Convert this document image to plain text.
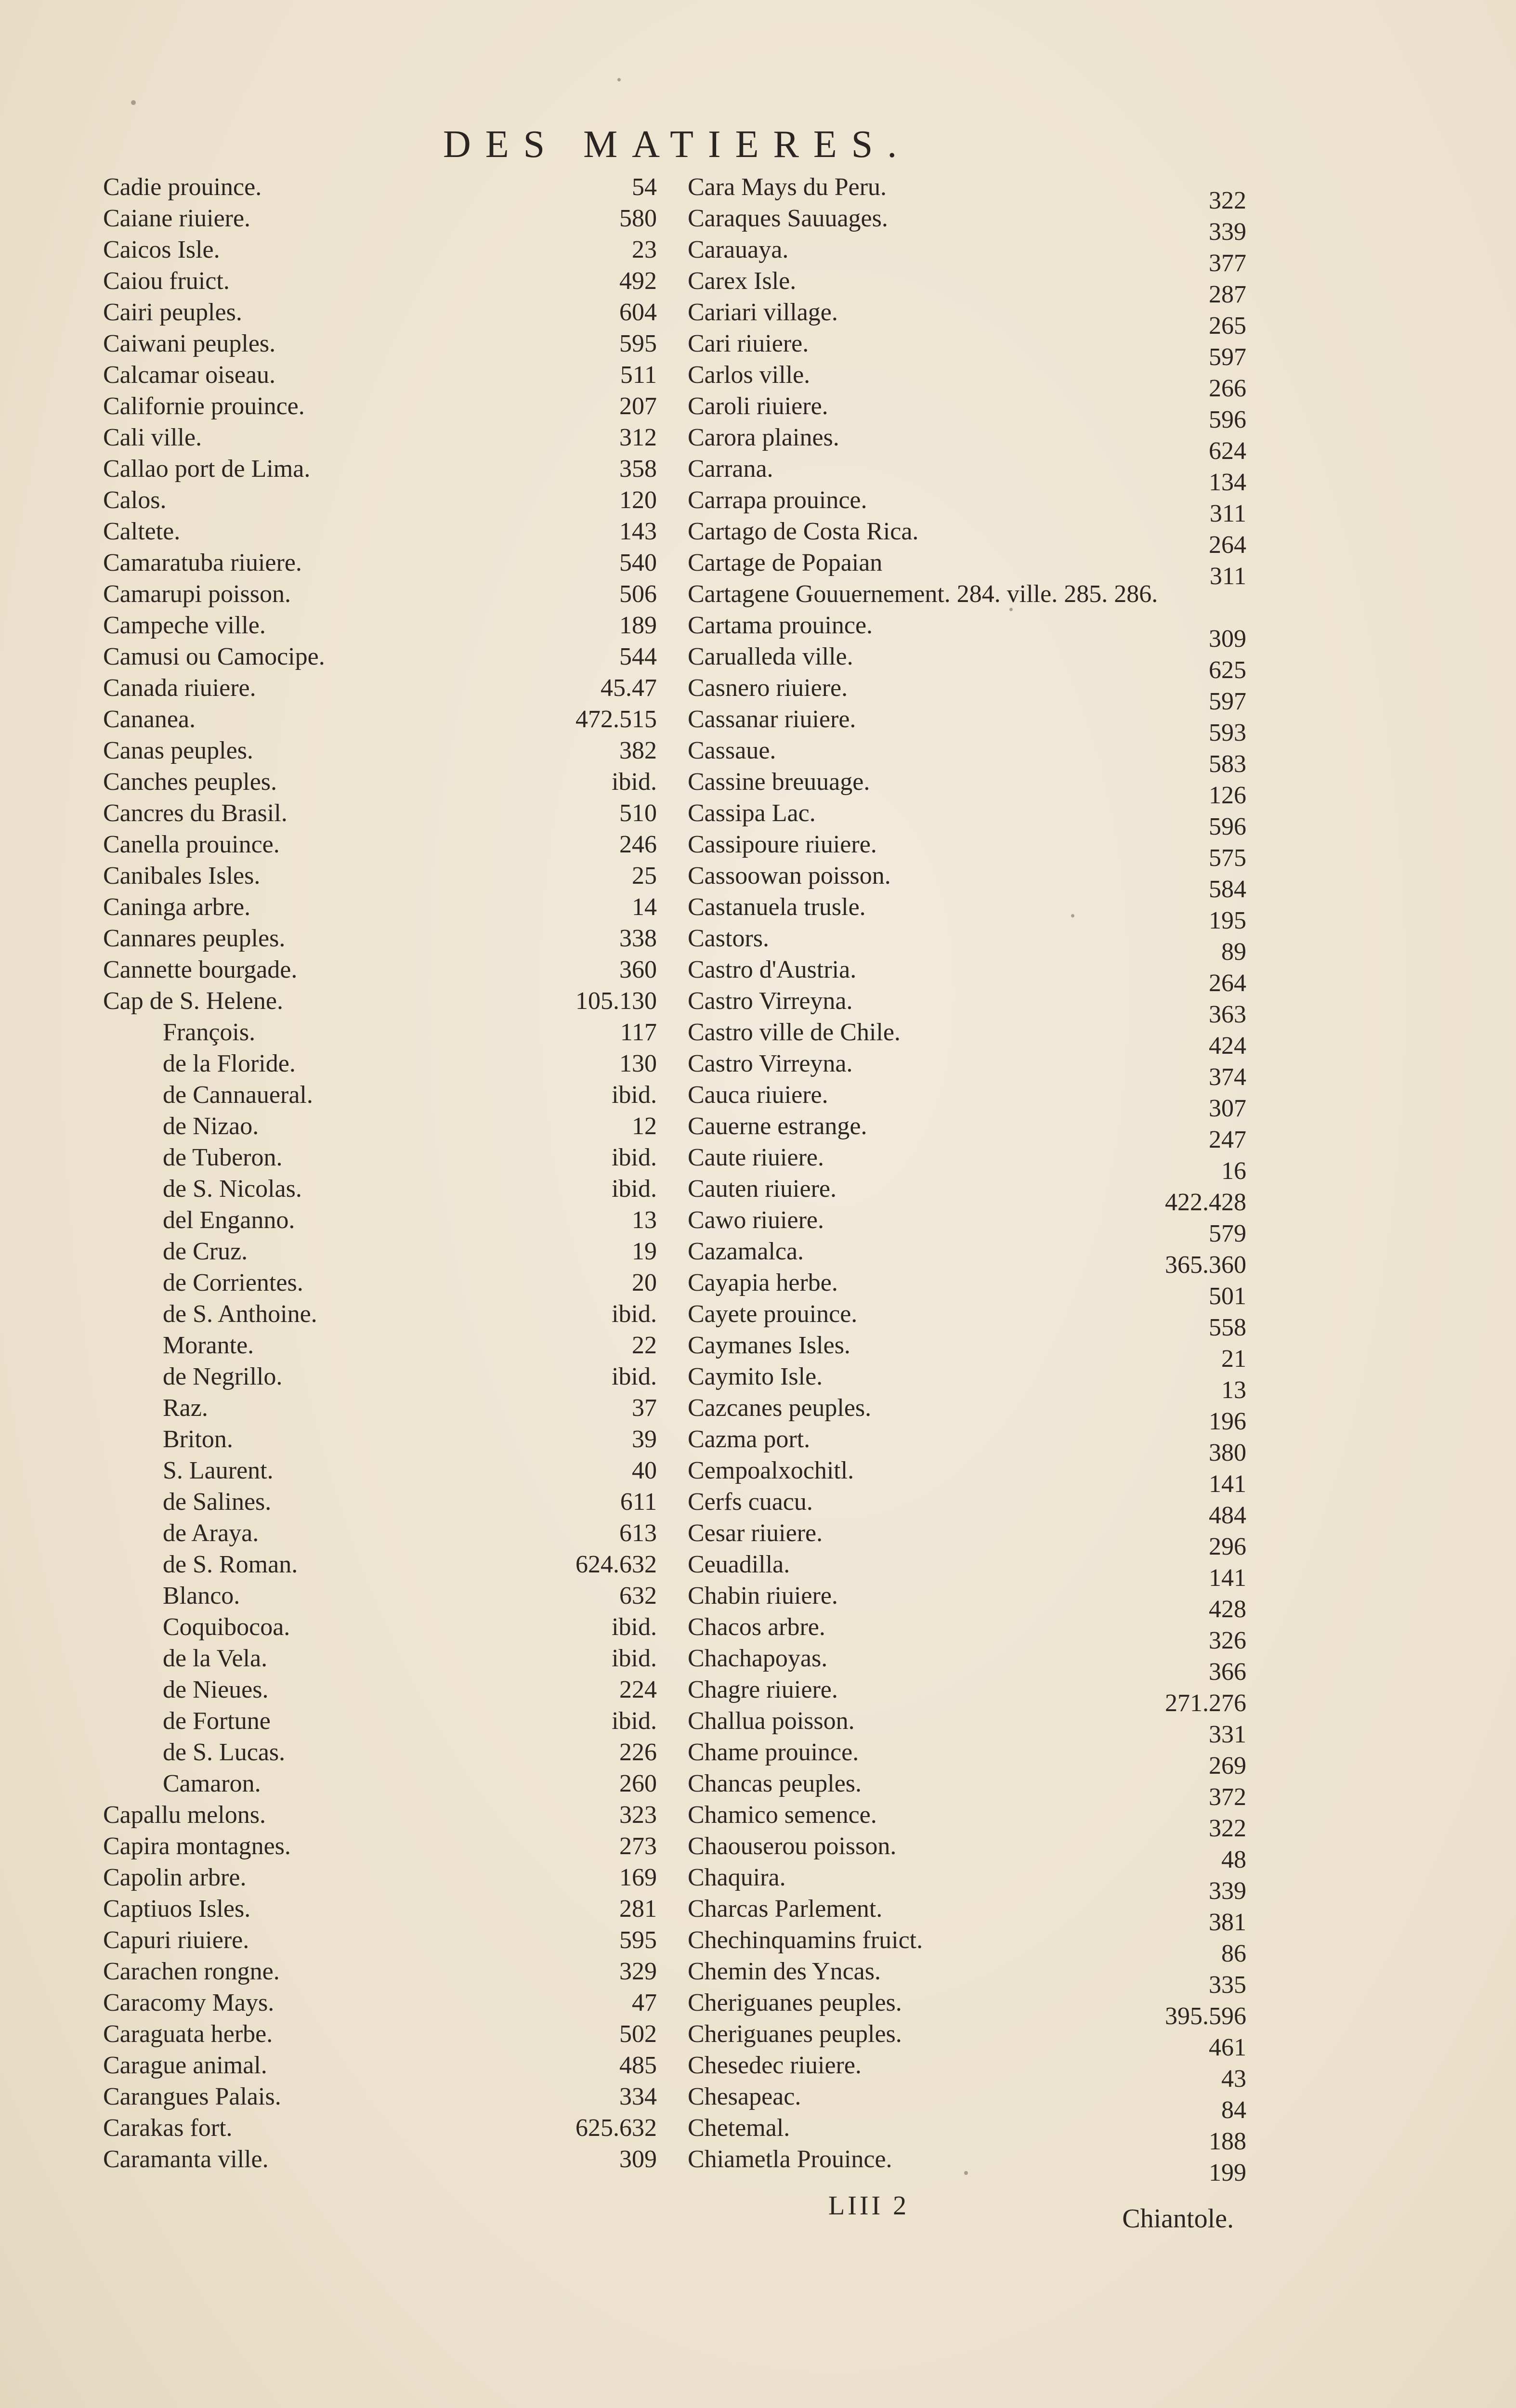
DES MATIERES.
Cadie prouince.	54
Caiane riuiere.	580
Caicos Isle.	23
Caiou fruict.	492
Cairi peuples.	604
Caiwani peuples.	595
Calcamar oiseau.	511
Californie prouince.	207
Cali ville.	312
Callao port de Lima.	358
Calos.	120
Caltete.	143
Camaratuba riuiere.	540
Camarupi poisson.	506
Campeche ville.	189
Camusi ou Camocipe.	544
Canada riuiere.	45.47
Cananea.	472.515
Canas peuples.	382
Canches peuples.	ibid.
Cancres du Brasil.	510
Canella prouince.	246
Canibales Isles.	25
Caninga arbre.	14
Cannares peuples.	338
Cannette bourgade.	360
Cap de S. Helene.	105.130
François.	117
de la Floride.	130
de Cannaueral.	ibid.
de Nizao.	12
de Tuberon.	ibid.
de S. Nicolas.	ibid.
del Enganno.	13
de Cruz.	19
de Corrientes.	20
de S. Anthoine.	ibid.
Morante.	22
de Negrillo.	ibid.
Raz.	37
Briton.	39
S. Laurent.	40
de Salines.	611
de Araya.	613
de S. Roman.	624.632
Blanco.	632
Coquibocoa.	ibid.
de la Vela.	ibid.
de Nieues.	224
de Fortune	ibid.
de S. Lucas.	226
Camaron.	260
Capallu melons.	323
Capira montagnes.	273
Capolin arbre.	169
Captiuos Isles.	281
Capuri riuiere.	595
Carachen rongne.	329
Caracomy Mays.	47
Caraguata herbe.	502
Carague animal.	485
Carangues Palais.	334
Carakas fort.	625.632
Caramanta ville.	309
Cara Mays du Peru.	322
Caraques Sauuages.	339
Carauaya.	377
Carex Isle.	287
Cariari village.	265
Cari riuiere.	597
Carlos ville.	266
Caroli riuiere.	596
Carora plaines.	624
Carrana.	134
Carrapa prouince.	311
Cartago de Costa Rica.	264
Cartage de Popaian	311
Cartagene Gouuernement. 284. ville. 285. 286.
Cartama prouince.	309
Carualleda ville.	625
Casnero riuiere.	597
Cassanar riuiere.	593
Cassaue.	583
Cassine breuuage.	126
Cassipa Lac.	596
Cassipoure riuiere.	575
Cassoowan poisson.	584
Castanuela trusle.	195
Castors.	89
Castro d'Austria.	264
Castro Virreyna.	363
Castro ville de Chile.	424
Castro Virreyna.	374
Cauca riuiere.	307
Cauerne estrange.	247
Caute riuiere.	16
Cauten riuiere.	422.428
Cawo riuiere.	579
Cazamalca.	365.360
Cayapia herbe.	501
Cayete prouince.	558
Caymanes Isles.	21
Caymito Isle.	13
Cazcanes peuples.	196
Cazma port.	380
Cempoalxochitl.	141
Cerfs cuacu.	484
Cesar riuiere.	296
Ceuadilla.	141
Chabin riuiere.	428
Chacos arbre.	326
Chachapoyas.	366
Chagre riuiere.	271.276
Challua poisson.	331
Chame prouince.	269
Chancas peuples.	372
Chamico semence.	322
Chaouserou poisson.	48
Chaquira.	339
Charcas Parlement.	381
Chechinquamins fruict.	86
Chemin des Yncas.	335
Cheriguanes peuples.	395.596
Cheriguanes peuples.	461
Chesedec riuiere.	43
Chesapeac.	84
Chetemal.	188
Chiametla Prouince.	199
LIII 2	Chiantole.
